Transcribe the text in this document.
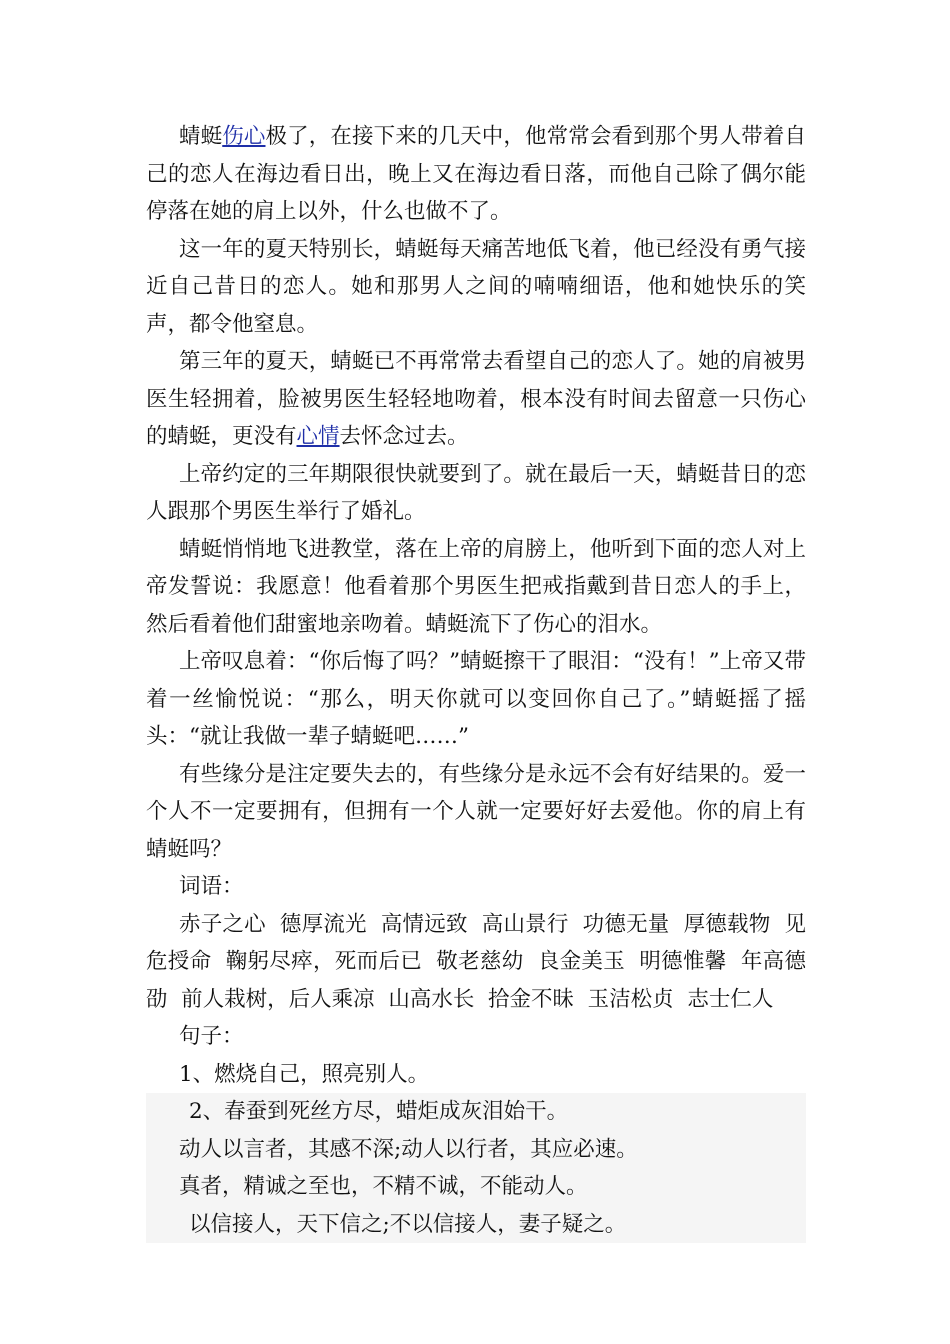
蜻蜓伤心极了，在接下来的几天中，他常常会看到那个男人带着自己的恋人在海边看日出，晚上又在海边看日落，而他自己除了偶尔能停落在她的肩上以外，什么也做不了。

这一年的夏天特别长，蜻蜓每天痛苦地低飞着，他已经没有勇气接近自己昔日的恋人。她和那男人之间的喃喃细语，他和她快乐的笑声，都令他窒息。

第三年的夏天，蜻蜓已不再常常去看望自己的恋人了。她的肩被男医生轻拥着，脸被男医生轻轻地吻着，根本没有时间去留意一只伤心的蜻蜓，更没有心情去怀念过去。

上帝约定的三年期限很快就要到了。就在最后一天，蜻蜓昔日的恋人跟那个男医生举行了婚礼。

蜻蜓悄悄地飞进教堂，落在上帝的肩膀上，他听到下面的恋人对上帝发誓说：我愿意！他看着那个男医生把戒指戴到昔日恋人的手上，然后看着他们甜蜜地亲吻着。蜻蜓流下了伤心的泪水。

上帝叹息着：“你后悔了吗？”蜻蜓擦干了眼泪：“没有！”上帝又带着一丝愉悦说：“那么，明天你就可以变回你自己了。”蜻蜓摇了摇头：“就让我做一辈子蜻蜓吧……”

有些缘分是注定要失去的，有些缘分是永远不会有好结果的。爱一个人不一定要拥有，但拥有一个人就一定要好好去爱他。你的肩上有蜻蜓吗？

词语：

赤子之心  德厚流光  高情远致  高山景行  功德无量  厚德载物  见危授命  鞠躬尽瘁，死而后已  敬老慈幼  良金美玉  明德惟馨  年高德劭  前人栽树，后人乘凉  山高水长  拾金不昧  玉洁松贞  志士仁人

句子：

1、燃烧自己，照亮别人。

2、春蚕到死丝方尽，蜡炬成灰泪始干。

动人以言者，其感不深;动人以行者，其应必速。

真者，精诚之至也，不精不诚，不能动人。

以信接人，天下信之;不以信接人，妻子疑之。
